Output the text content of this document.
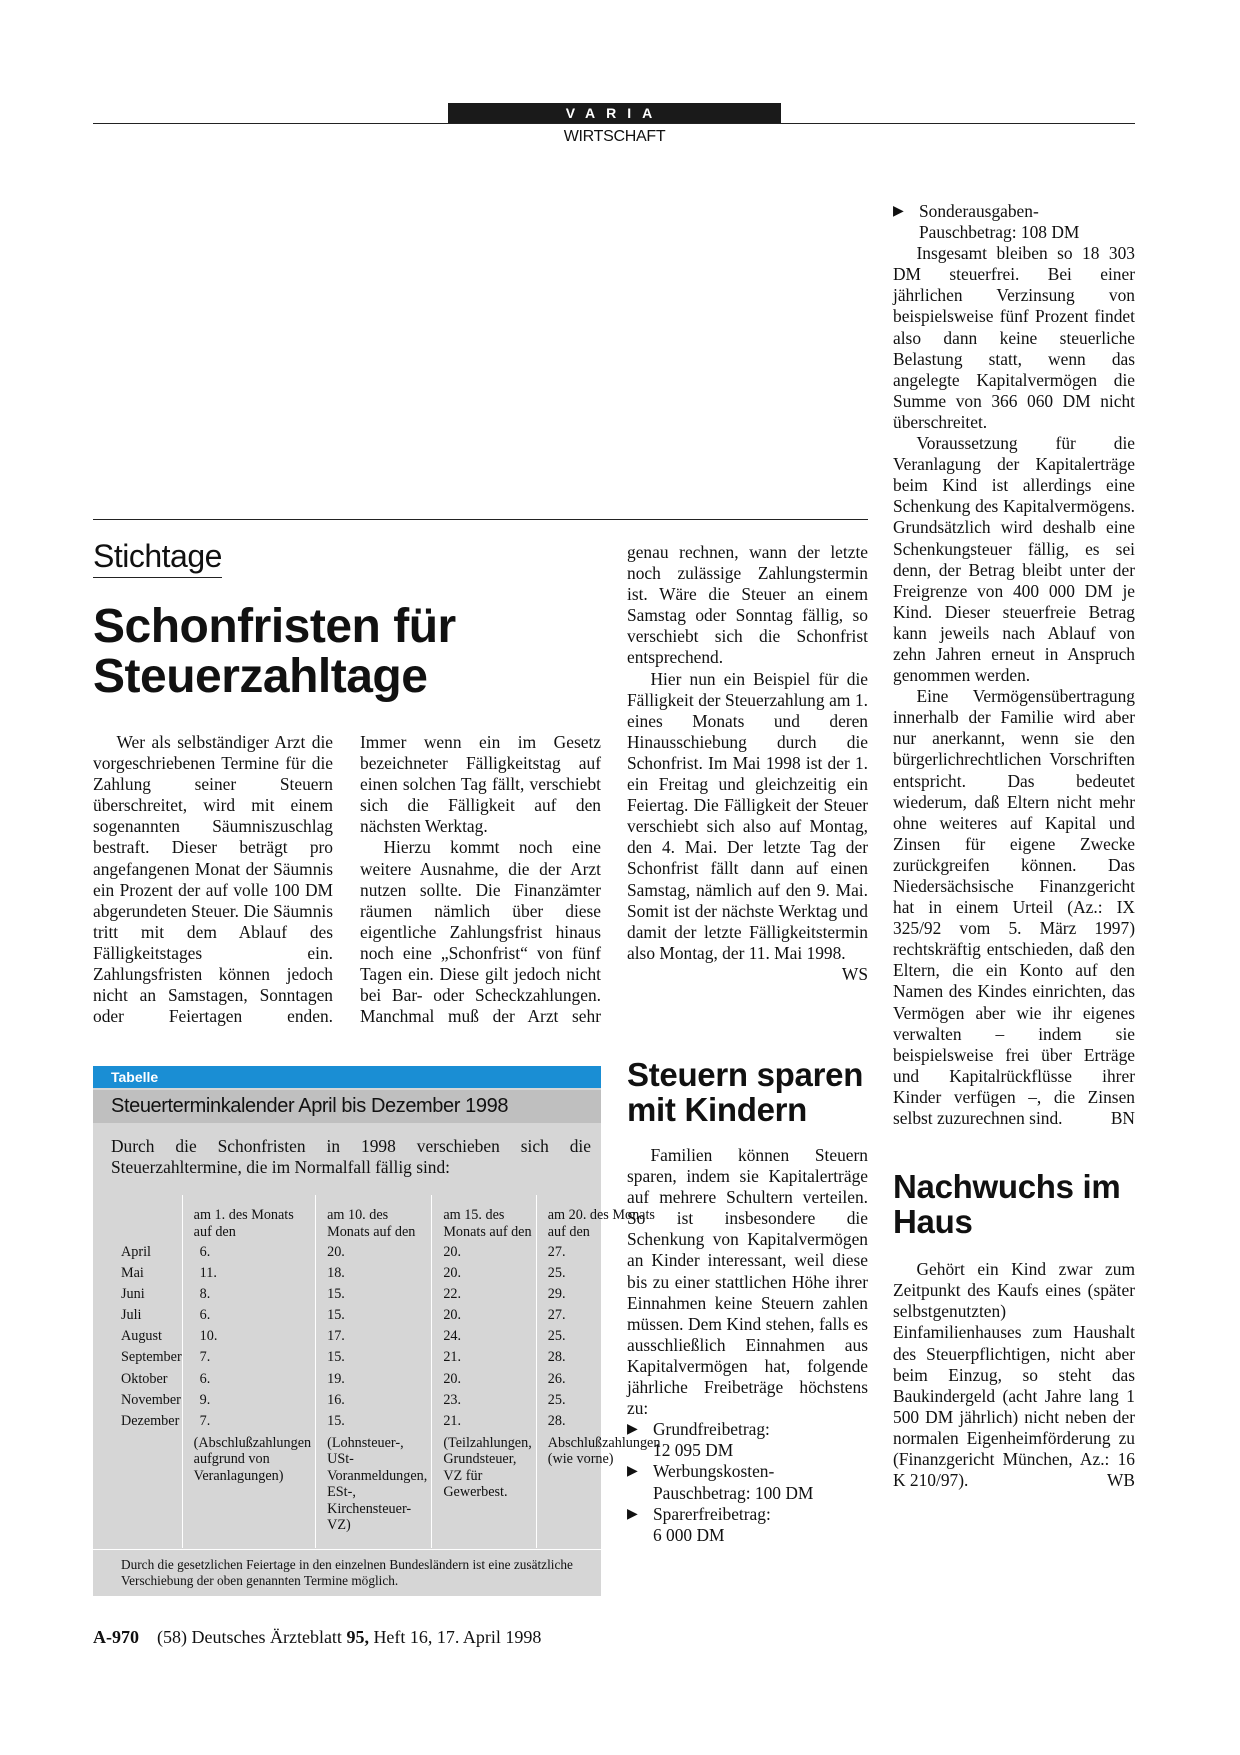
VARIA
WIRTSCHAFT
Stichtage
Schonfristen für Steuerzahltage

Wer als selbständiger Arzt die vorgeschriebenen Termine für die Zahlung seiner Steuern überschreitet, wird mit einem sogenannten Säumniszuschlag bestraft. Dieser beträgt pro angefangenen Monat der Säumnis ein Prozent der auf volle 100 DM abgerundeten Steuer. Die Säumnis tritt mit dem Ablauf des Fälligkeitstages ein. Zahlungsfristen können jedoch nicht an Samstagen, Sonntagen oder Feiertagen enden.

Immer wenn ein im Gesetz bezeichneter Fälligkeitstag auf einen solchen Tag fällt, verschiebt sich die Fälligkeit auf den nächsten Werktag.

Hierzu kommt noch eine weitere Ausnahme, die der Arzt nutzen sollte. Die Finanzämter räumen nämlich über diese eigentliche Zahlungsfrist hinaus noch eine „Schonfrist“ von fünf Tagen ein. Diese gilt jedoch nicht bei Bar- oder Scheckzahlungen. Manchmal muß der Arzt sehr

genau rechnen, wann der letzte noch zulässige Zahlungstermin ist. Wäre die Steuer an einem Samstag oder Sonntag fällig, so verschiebt sich die Schonfrist entsprechend.

Hier nun ein Beispiel für die Fälligkeit der Steuerzahlung am 1. eines Monats und deren Hinausschiebung durch die Schonfrist. Im Mai 1998 ist der 1. ein Freitag und gleichzeitig ein Feiertag. Die Fälligkeit der Steuer verschiebt sich also auf Montag, den 4. Mai. Der letzte Tag der Schonfrist fällt dann auf einen Samstag, nämlich auf den 9. Mai. Somit ist der nächste Werktag und damit der letzte Fälligkeitstermin also Montag, der 11. Mai 1998.
WS

Tabelle
Steuerterminkalender April bis Dezember 1998
Durch die Schonfristen in 1998 verschieben sich die Steuerzahltermine, die im Normalfall fällig sind:
	am 1. des Monats auf den	am 10. des Monats auf den	am 15. des Monats auf den	am 20. des Monats auf den
April	6.	20.	20.	27.
Mai	11.	18.	20.	25.
Juni	8.	15.	22.	29.
Juli	6.	15.	20.	27.
August	10.	17.	24.	25.
September	7.	15.	21.	28.
Oktober	6.	19.	20.	26.
November	9.	16.	23.	25.
Dezember	7.	15.	21.	28.
	(Abschlußzahlungen aufgrund von Veranlagungen)	(Lohnsteuer-, USt-Voranmeldungen, ESt-, Kirchensteuer-VZ)	(Teilzahlungen, Grundsteuer, VZ für Gewerbest.	Abschlußzahlungen (wie vorne)
Durch die gesetzlichen Feiertage in den einzelnen Bundesländern ist eine zusätzliche Verschiebung der oben genannten Termine möglich.
Steuern sparen mit Kindern

Familien können Steuern sparen, indem sie Kapitalerträge auf mehrere Schultern verteilen. So ist insbesondere die Schenkung von Kapitalvermögen an Kinder interessant, weil diese bis zu einer stattlichen Höhe ihrer Einnahmen keine Steuern zahlen müssen. Dem Kind stehen, falls es ausschließlich Einnahmen aus Kapitalvermögen hat, folgende jährliche Freibeträge höchstens zu:

▶ Grundfreibetrag:
12 095 DM
▶ Werbungskosten-Pauschbetrag: 100 DM
▶ Sparerfreibetrag:
6 000 DM
▶ Sonderausgaben-Pauschbetrag: 108 DM

Insgesamt bleiben so 18 303 DM steuerfrei. Bei einer jährlichen Verzinsung von beispielsweise fünf Prozent findet also dann keine steuerliche Belastung statt, wenn das angelegte Kapitalvermögen die Summe von 366 060 DM nicht überschreitet.

Voraussetzung für die Veranlagung der Kapitalerträge beim Kind ist allerdings eine Schenkung des Kapitalvermögens. Grundsätzlich wird deshalb eine Schenkungsteuer fällig, es sei denn, der Betrag bleibt unter der Freigrenze von 400 000 DM je Kind. Dieser steuerfreie Betrag kann jeweils nach Ablauf von zehn Jahren erneut in Anspruch genommen werden.

Eine Vermögensübertragung innerhalb der Familie wird aber nur anerkannt, wenn sie den bürgerlichrechtlichen Vorschriften entspricht. Das bedeutet wiederum, daß Eltern nicht mehr ohne weiteres auf Kapital und Zinsen für eigene Zwecke zurückgreifen können. Das Niedersächsische Finanzgericht hat in einem Urteil (Az.: IX 325/92 vom 5. März 1997) rechtskräftig entschieden, daß den Eltern, die ein Konto auf den Namen des Kindes einrichten, das Vermögen aber wie ihr eigenes verwalten – indem sie beispielsweise frei über Erträge und Kapitalrückflüsse ihrer Kinder verfügen –, die Zinsen selbst zuzurechnen sind.	BN

Nachwuchs im Haus

Gehört ein Kind zwar zum Zeitpunkt des Kaufs eines (später selbstgenutzten) Einfamilienhauses zum Haushalt des Steuerpflichtigen, nicht aber beim Einzug, so steht das Baukindergeld (acht Jahre lang 1 500 DM jährlich) nicht neben der normalen Eigenheimförderung zu (Finanzgericht München, Az.: 16 K 210/97).	WB

A-970 (58) Deutsches Ärzteblatt 95, Heft 16, 17. April 1998
